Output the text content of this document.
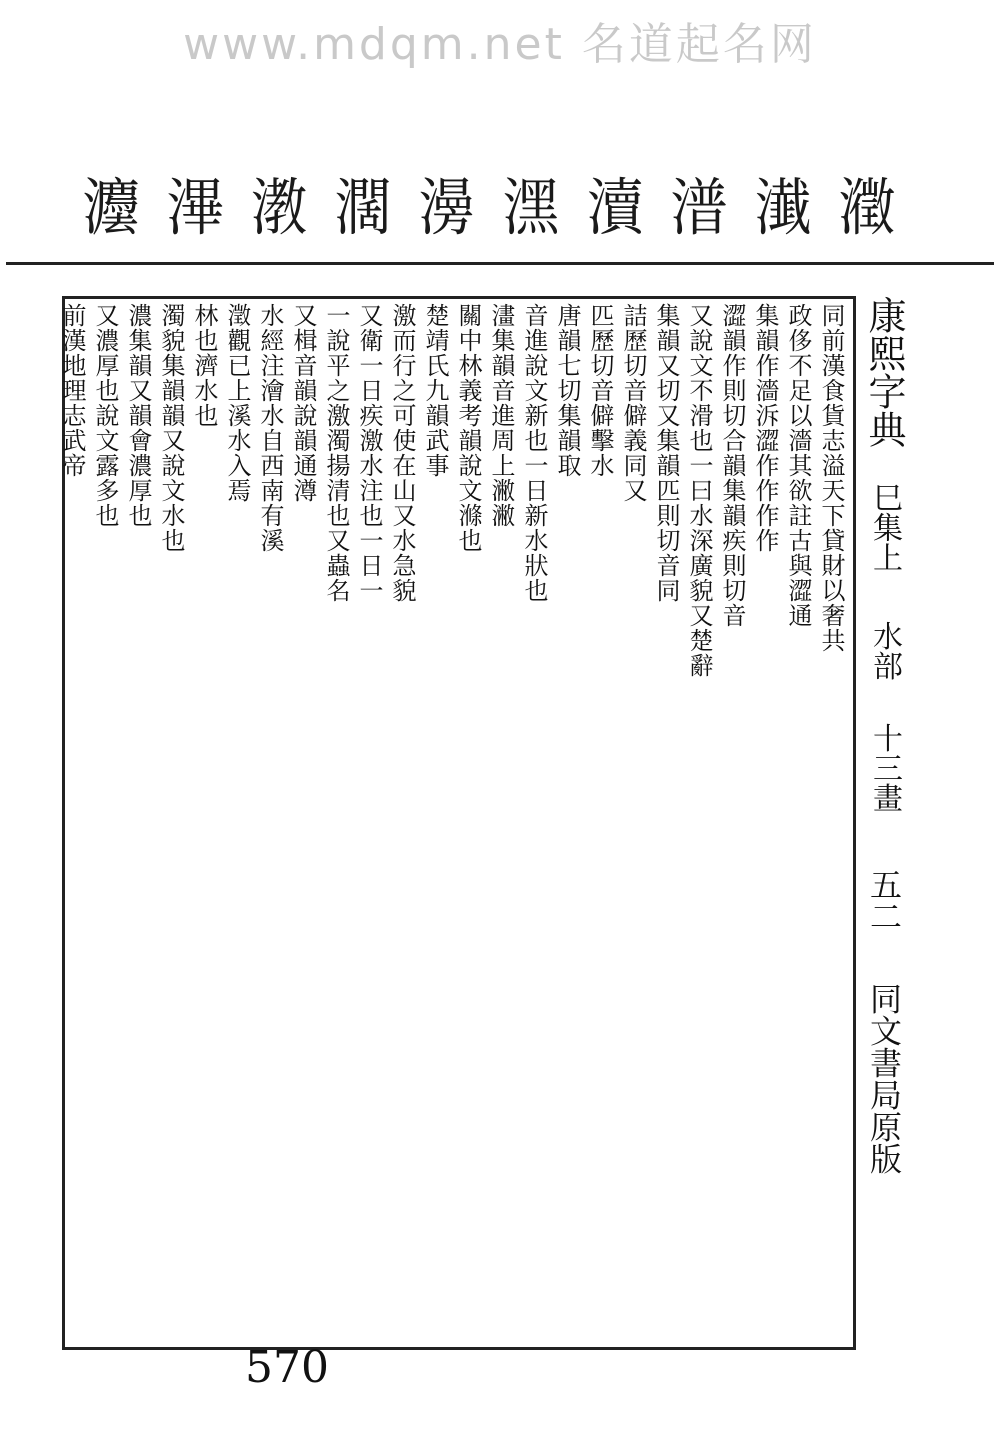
www.mdqm.net 名道起名网
灋 滭 漖 濶 澷 潶 瀆 潽 瀐 瀓
同前漢食貨志溢天下貸財以奢共
政侈不足以濇其欲註古與澀通
集韻作濇泝澀作作作作
澀韻作則切合韻集韻疾則切音
又說文不滑也一曰水深廣貌又楚辭
集韻又切又集韻匹則切音同
詰歷切音僻義同又
匹歷切音僻擊水
唐韻七切集韻取
音進說文新也一日新水狀也
澅集韻音進周上潎潎
關中林義考韻說文滌也
楚靖氏九韻武事
激而行之可使在山又水急貌
又衛一日疾激水注也一日一
一說平之激濁揚清也又蟲名
又楫音韻說韻通澊
水經注澮水自西南有溪
澂觀已上溪水入焉
林也濟水也
濁貌集韻韻又說文水也
濃集韻又韻會濃厚也
又濃厚也說文露多也
前漢地理志武帝	康熙字典  巳集上  水部  十三畫
五二  同文書局原版
570
